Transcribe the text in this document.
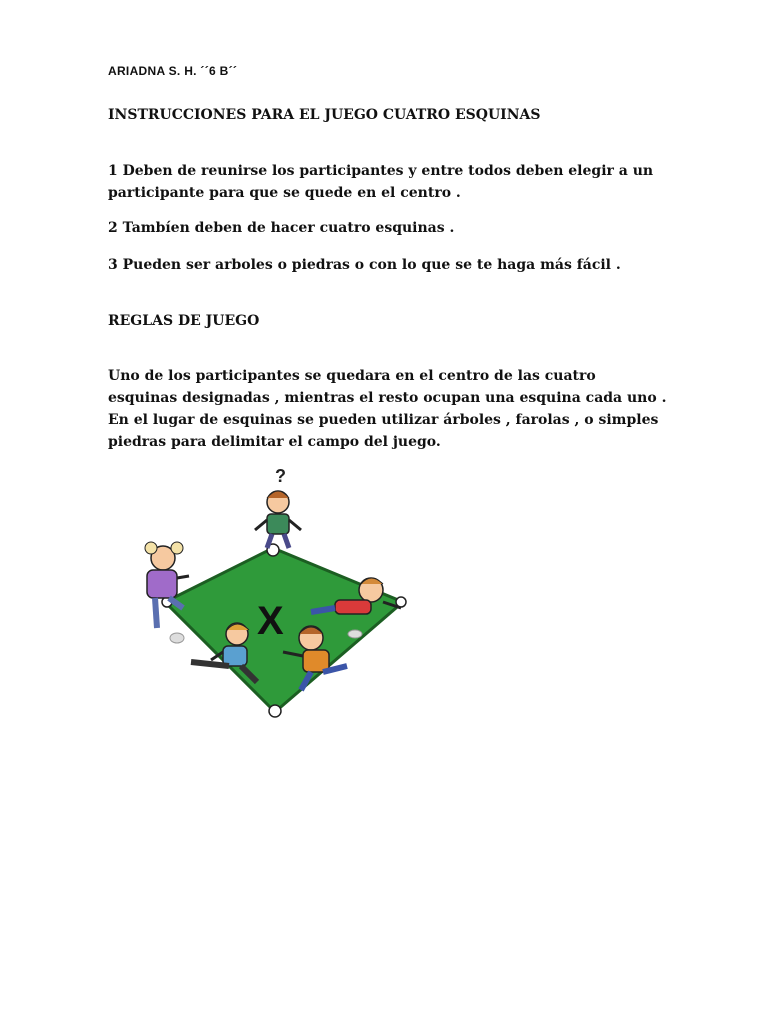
ARIADNA S. H. ´´6 B´´
INSTRUCCIONES PARA EL JUEGO CUATRO ESQUINAS

1 Deben de reunirse los participantes y entre todos deben elegir a un participante para que se quede en el centro .

2 Tambíen deben de hacer cuatro esquinas .

3 Pueden ser arboles o piedras o con lo que se te haga más fácil .

REGLAS DE JUEGO

Uno de los participantes se quedara en el centro de las cuatro esquinas designadas , mientras el resto ocupan una esquina cada uno . En el lugar de esquinas se pueden utilizar árboles , farolas , o simples piedras para delimitar el campo del juego.

X
?
